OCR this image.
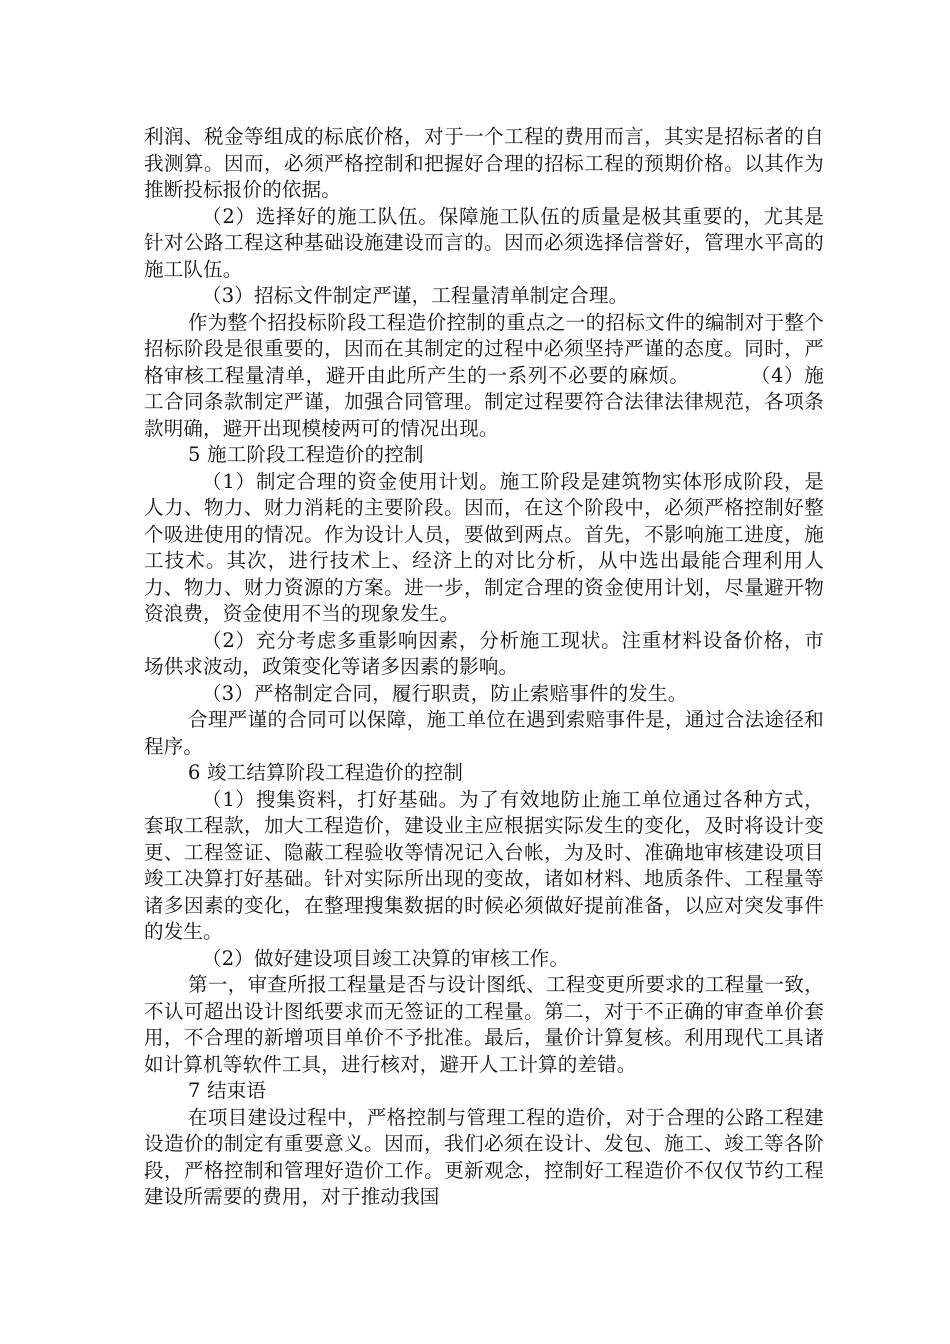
利润、税金等组成的标底价格，对于一个工程的费用而言，其实是招标者的自我测算。因而，必须严格控制和把握好合理的招标工程的预期价格。以其作为推断投标报价的依据。

（2）选择好的施工队伍。保障施工队伍的质量是极其重要的，尤其是针对公路工程这种基础设施建设而言的。因而必须选择信誉好，管理水平高的施工队伍。

（3）招标文件制定严谨，工程量清单制定合理。

作为整个招投标阶段工程造价控制的重点之一的招标文件的编制对于整个招标阶段是很重要的，因而在其制定的过程中必须坚持严谨的态度。同时，严格审核工程量清单，避开由此所产生的一系列不必要的麻烦。　　　　（4）施工合同条款制定严谨，加强合同管理。制定过程要符合法律法律规范，各项条款明确，避开出现模棱两可的情况出现。

5 施工阶段工程造价的控制

（1）制定合理的资金使用计划。施工阶段是建筑物实体形成阶段，是人力、物力、财力消耗的主要阶段。因而，在这个阶段中，必须严格控制好整个吸进使用的情况。作为设计人员，要做到两点。首先，不影响施工进度，施工技术。其次，进行技术上、经济上的对比分析，从中选出最能合理利用人力、物力、财力资源的方案。进一步，制定合理的资金使用计划，尽量避开物资浪费，资金使用不当的现象发生。

（2）充分考虑多重影响因素，分析施工现状。注重材料设备价格，市场供求波动，政策变化等诸多因素的影响。

（3）严格制定合同，履行职责，防止索赔事件的发生。

合理严谨的合同可以保障，施工单位在遇到索赔事件是，通过合法途径和程序。

6 竣工结算阶段工程造价的控制

（1）搜集资料，打好基础。为了有效地防止施工单位通过各种方式，套取工程款，加大工程造价，建设业主应根据实际发生的变化，及时将设计变更、工程签证、隐蔽工程验收等情况记入台帐，为及时、准确地审核建设项目竣工决算打好基础。针对实际所出现的变故，诸如材料、地质条件、工程量等诸多因素的变化，在整理搜集数据的时候必须做好提前准备，以应对突发事件的发生。

（2）做好建设项目竣工决算的审核工作。

第一，审查所报工程量是否与设计图纸、工程变更所要求的工程量一致，不认可超出设计图纸要求而无签证的工程量。第二，对于不正确的审查单价套用，不合理的新增项目单价不予批准。最后，量价计算复核。利用现代工具诸如计算机等软件工具，进行核对，避开人工计算的差错。

7 结束语

在项目建设过程中，严格控制与管理工程的造价，对于合理的公路工程建设造价的制定有重要意义。因而，我们必须在设计、发包、施工、竣工等各阶段，严格控制和管理好造价工作。更新观念，控制好工程造价不仅仅节约工程建设所需要的费用，对于推动我国
